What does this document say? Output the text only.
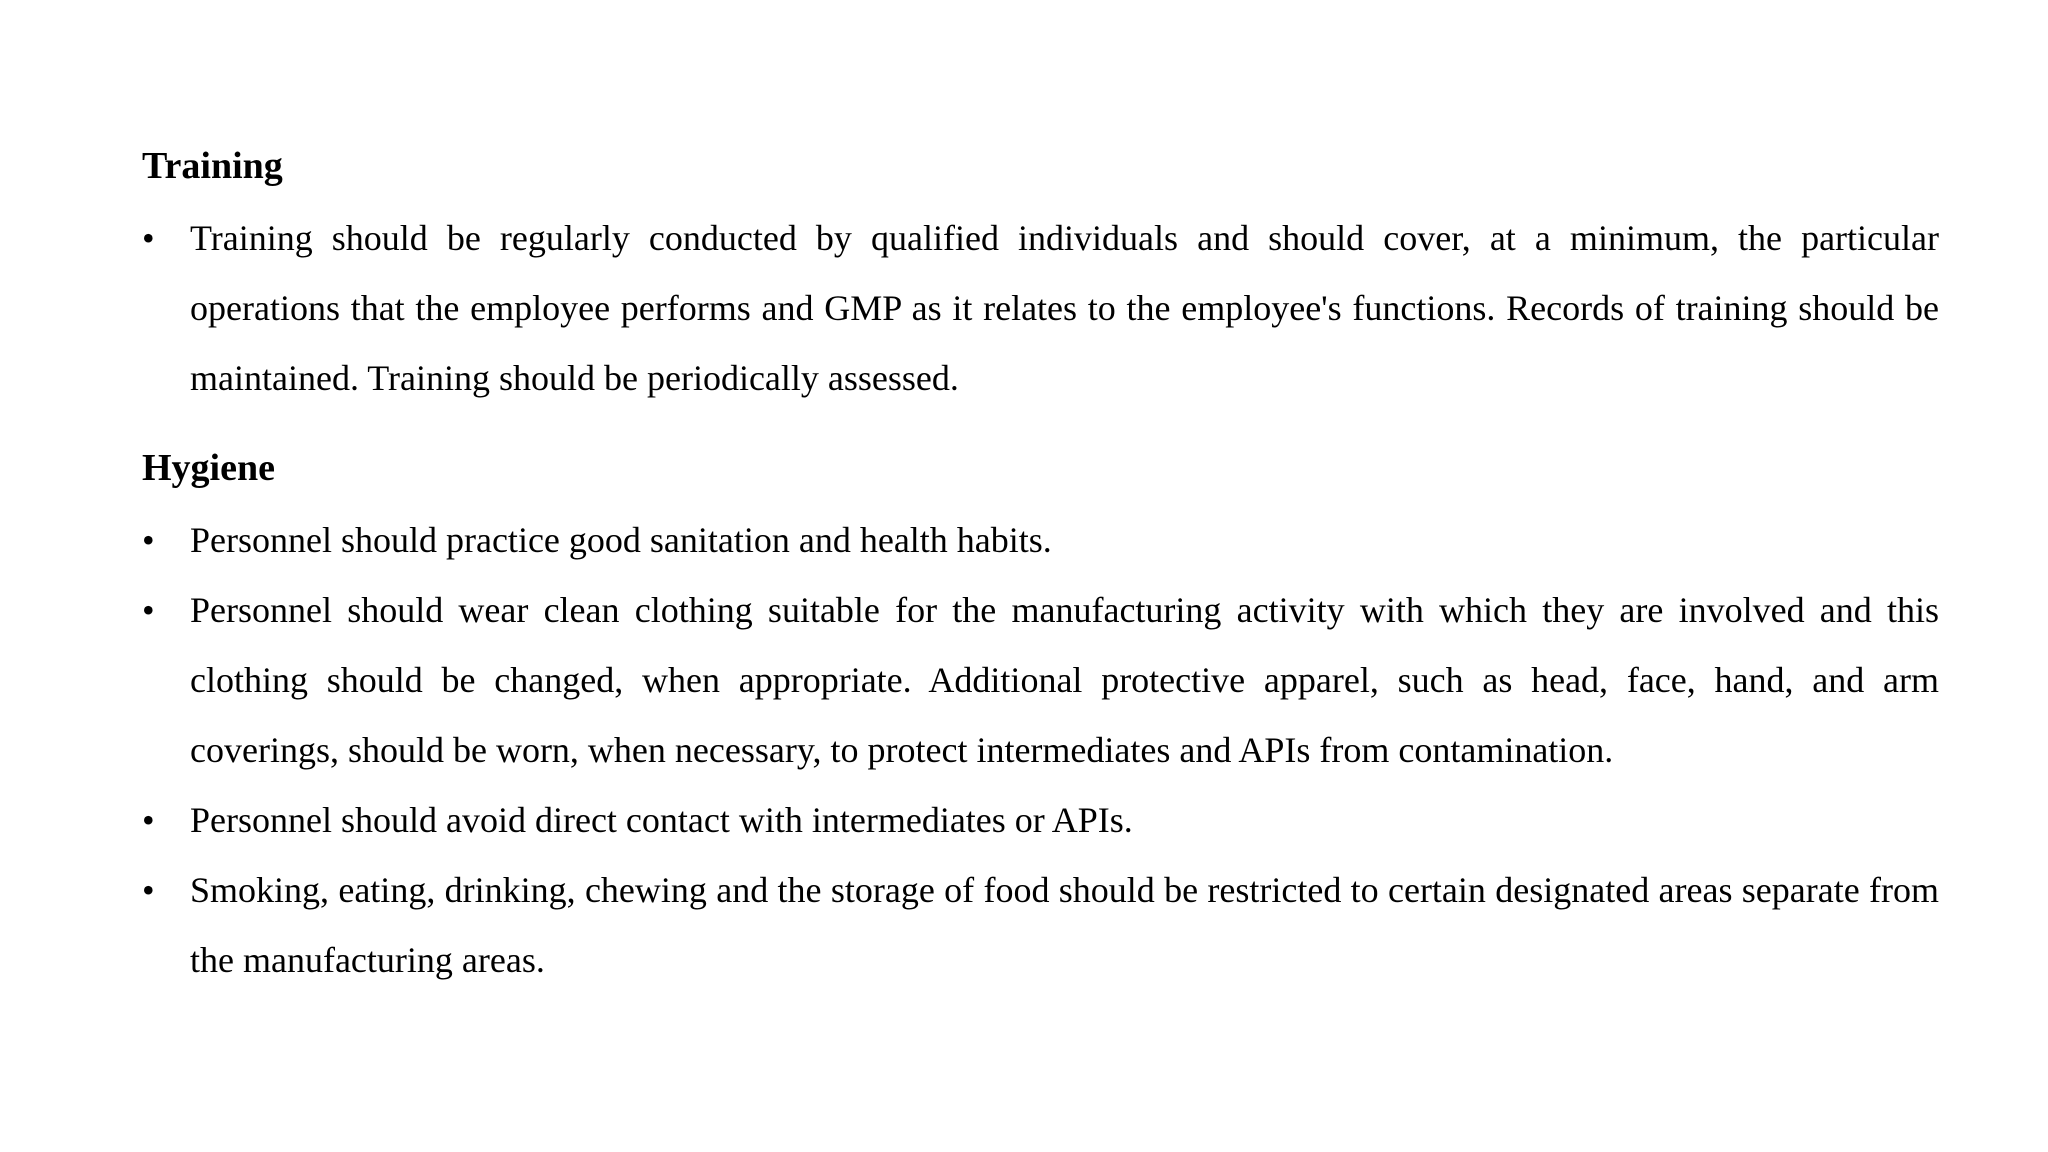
Training
• Training should be regularly conducted by qualified individuals and should cover, at a minimum, the particular operations that the employee performs and GMP as it relates to the employee's functions. Records of training should be maintained. Training should be periodically assessed.
Hygiene
• Personnel should practice good sanitation and health habits.
• Personnel should wear clean clothing suitable for the manufacturing activity with which they are involved and this clothing should be changed, when appropriate. Additional protective apparel, such as head, face, hand, and arm coverings, should be worn, when necessary, to protect intermediates and APIs from contamination.
• Personnel should avoid direct contact with intermediates or APIs.
• Smoking, eating, drinking, chewing and the storage of food should be restricted to certain designated areas separate from the manufacturing areas.
